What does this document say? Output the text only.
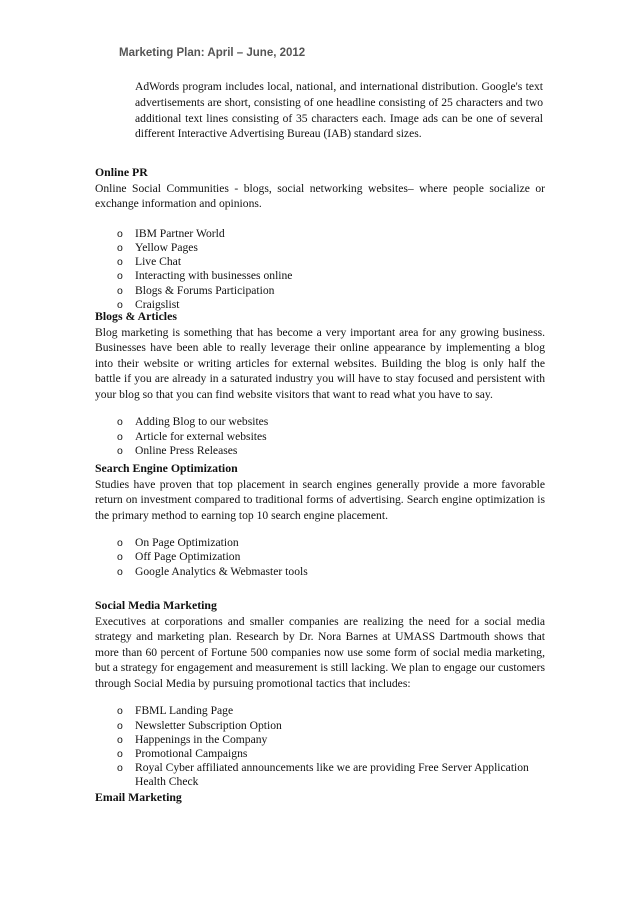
Marketing Plan: April – June, 2012

AdWords program includes local, national, and international distribution. Google's text advertisements are short, consisting of one headline consisting of 25 characters and two additional text lines consisting of 35 characters each. Image ads can be one of several different Interactive Advertising Bureau (IAB) standard sizes.

Online PR

Online Social Communities - blogs, social networking websites– where people socialize or exchange information and opinions.

o IBM Partner World
o Yellow Pages
o Live Chat
o Interacting with businesses online
o Blogs & Forums Participation
o Craigslist

Blogs & Articles

Blog marketing is something that has become a very important area for any growing business. Businesses have been able to really leverage their online appearance by implementing a blog into their website or writing articles for external websites. Building the blog is only half the battle if you are already in a saturated industry you will have to stay focused and persistent with your blog so that you can find website visitors that want to read what you have to say.

o Adding Blog to our websites
o Article for external websites
o Online Press Releases

Search Engine Optimization

Studies have proven that top placement in search engines generally provide a more favorable return on investment compared to traditional forms of advertising. Search engine optimization is the primary method to earning top 10 search engine placement.

o On Page Optimization
o Off Page Optimization
o Google Analytics & Webmaster tools

Social Media Marketing

Executives at corporations and smaller companies are realizing the need for a social media strategy and marketing plan. Research by Dr. Nora Barnes at UMASS Dartmouth shows that more than 60 percent of Fortune 500 companies now use some form of social media marketing, but a strategy for engagement and measurement is still lacking. We plan to engage our customers through Social Media by pursuing promotional tactics that includes:

o FBML Landing Page
o Newsletter Subscription Option
o Happenings in the Company
o Promotional Campaigns
o Royal Cyber affiliated announcements like we are providing Free Server Application Health Check

Email Marketing
